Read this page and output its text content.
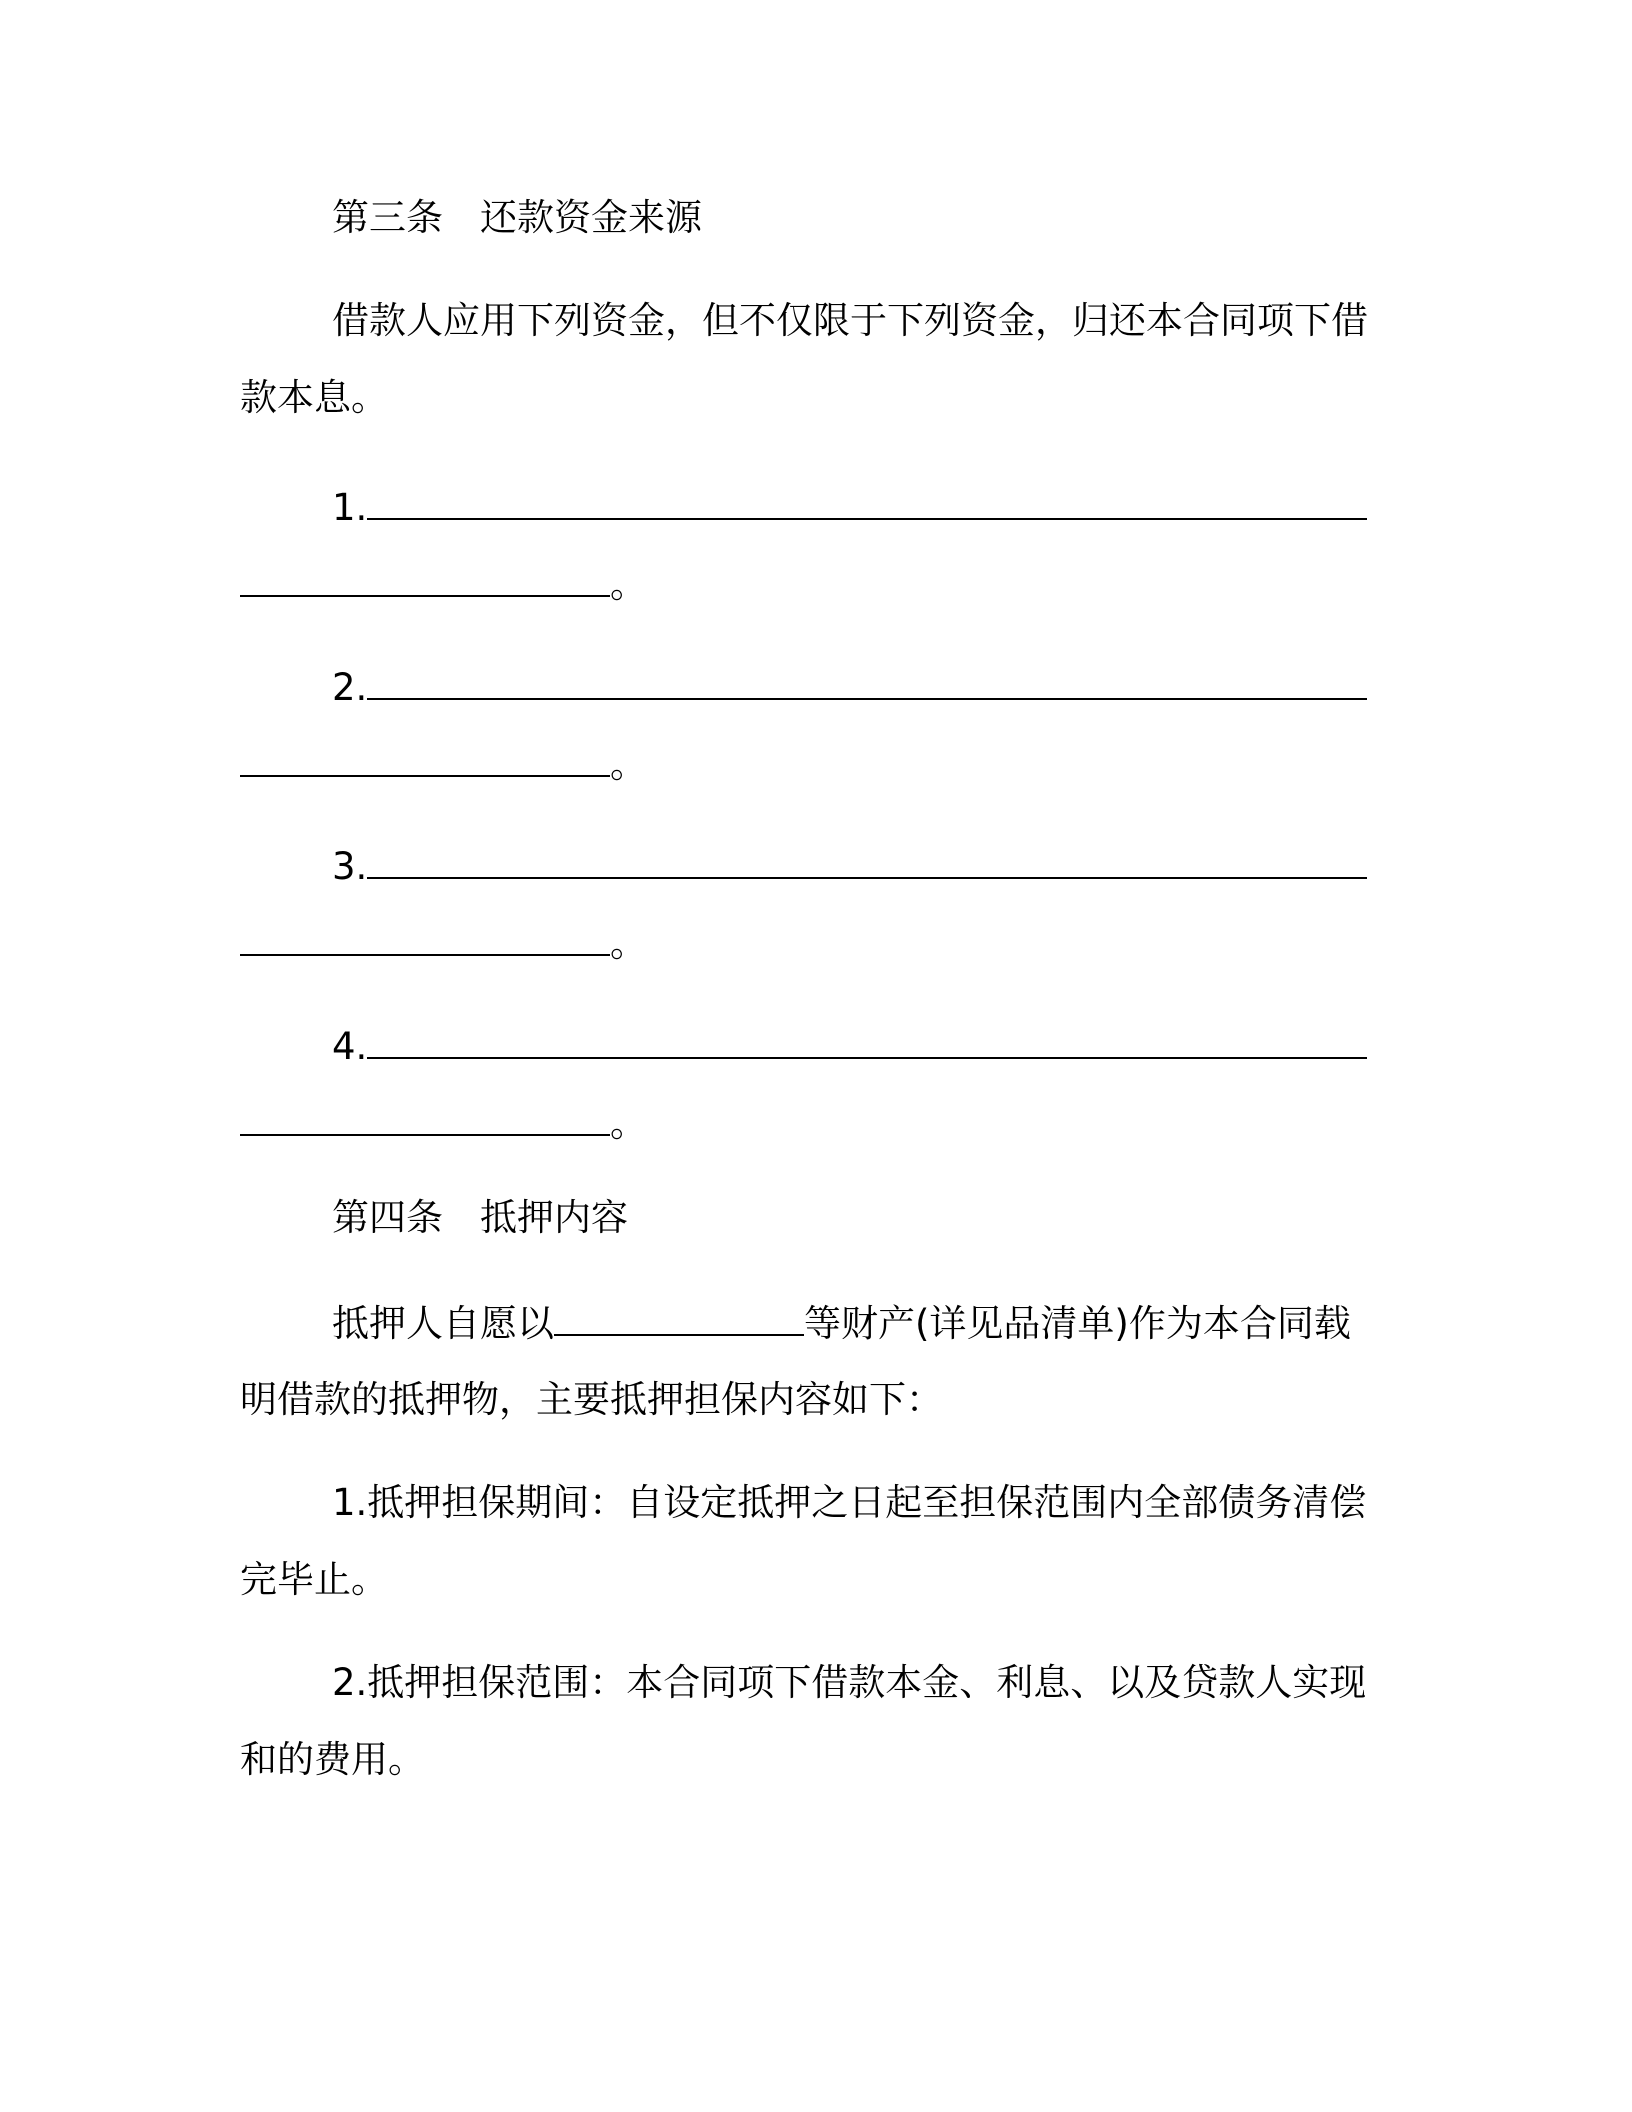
第三条　还款资金来源
借款人应用下列资金，但不仅限于下列资金，归还本合同项下借
款本息。
1.
。
2.
。
3.
。
4.
。
第四条　抵押内容
抵押人自愿以	等财产(详见品清单)作为本合同载
明借款的抵押物，主要抵押担保内容如下：
1.抵押担保期间：自设定抵押之日起至担保范围内全部债务清偿
完毕止。
2.抵押担保范围：本合同项下借款本金、利息、以及贷款人实现
和的费用。
